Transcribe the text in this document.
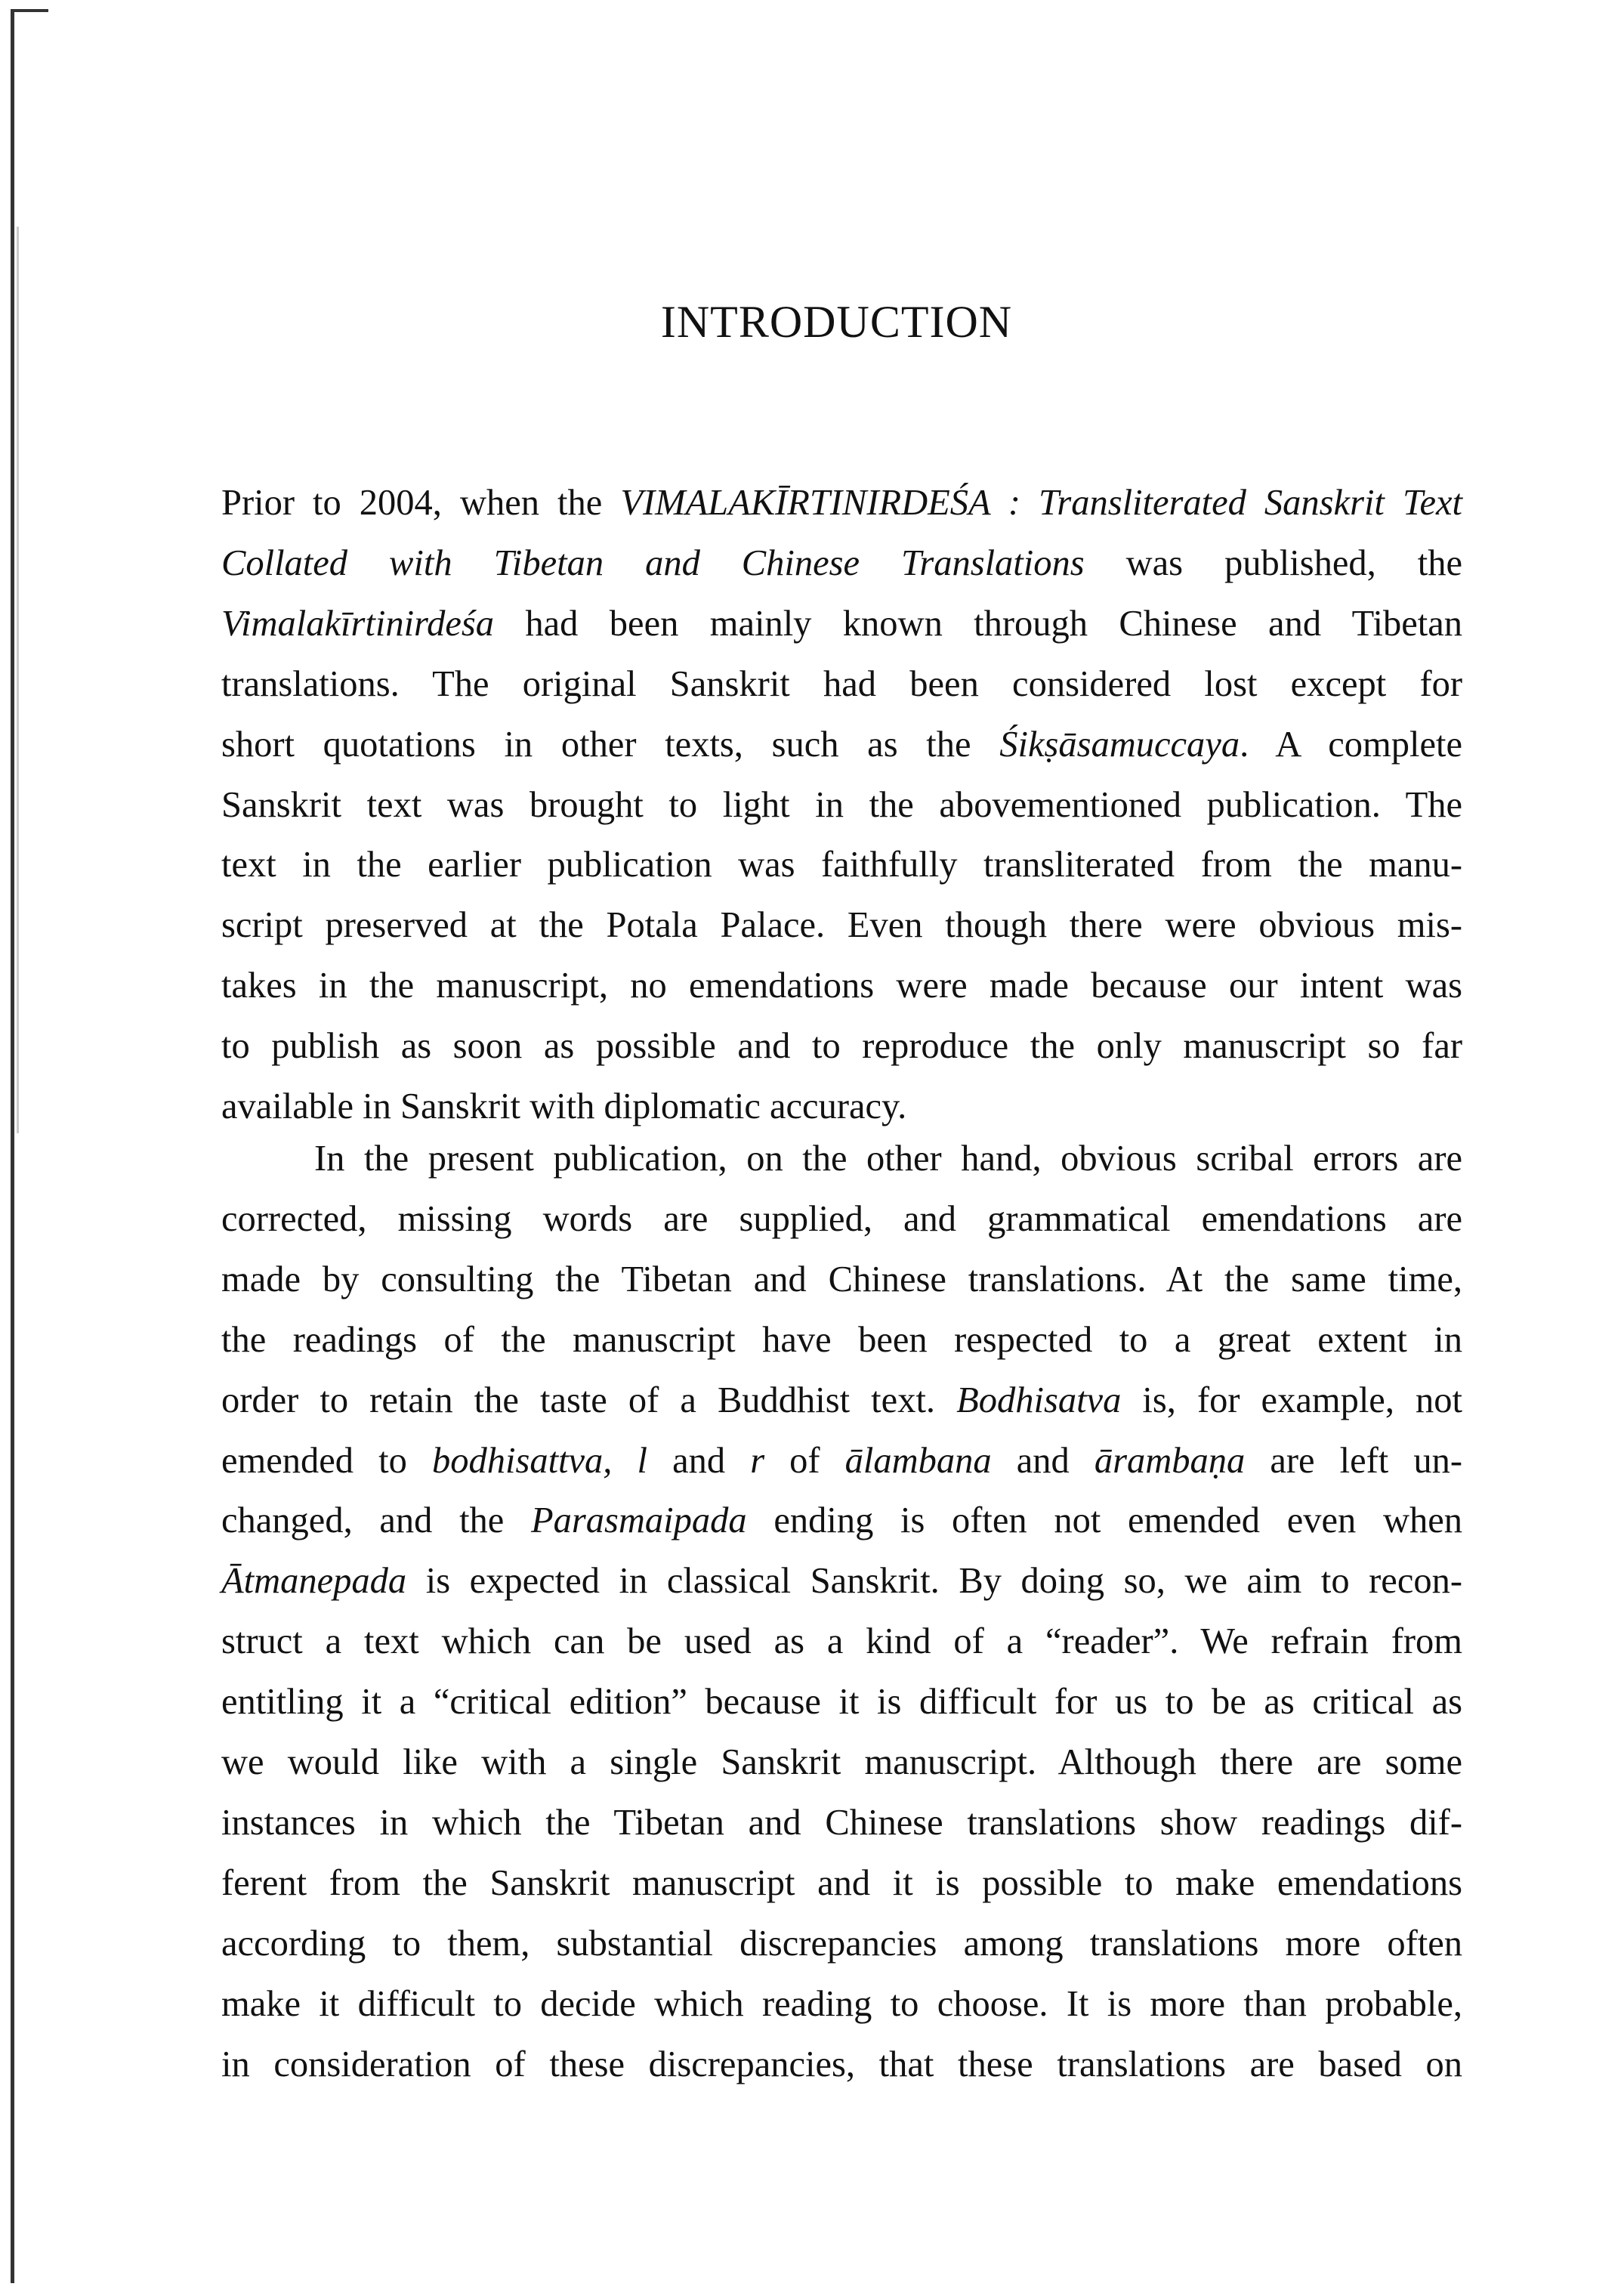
INTRODUCTION
Prior to 2004, when the VIMALAKĪRTINIRDEŚA : Transliterated Sanskrit Text
Collated with Tibetan and Chinese Translations was published, the
Vimalakīrtinirdeśa had been mainly known through Chinese and Tibetan
translations. The original Sanskrit had been considered lost except for
short quotations in other texts, such as the Śikṣāsamuccaya. A complete
Sanskrit text was brought to light in the abovementioned publication. The
text in the earlier publication was faithfully transliterated from the manu-
script preserved at the Potala Palace. Even though there were obvious mis-
takes in the manuscript, no emendations were made because our intent was
to publish as soon as possible and to reproduce the only manuscript so far
available in Sanskrit with diplomatic accuracy.
In the present publication, on the other hand, obvious scribal errors are
corrected, missing words are supplied, and grammatical emendations are
made by consulting the Tibetan and Chinese translations. At the same time,
the readings of the manuscript have been respected to a great extent in
order to retain the taste of a Buddhist text. Bodhisatva is, for example, not
emended to bodhisattva, l and r of ālambana and ārambaṇa are left un-
changed, and the Parasmaipada ending is often not emended even when
Ātmanepada is expected in classical Sanskrit. By doing so, we aim to recon-
struct a text which can be used as a kind of a “reader”. We refrain from
entitling it a “critical edition” because it is difficult for us to be as critical as
we would like with a single Sanskrit manuscript. Although there are some
instances in which the Tibetan and Chinese translations show readings dif-
ferent from the Sanskrit manuscript and it is possible to make emendations
according to them, substantial discrepancies among translations more often
make it difficult to decide which reading to choose. It is more than probable,
in consideration of these discrepancies, that these translations are based on
